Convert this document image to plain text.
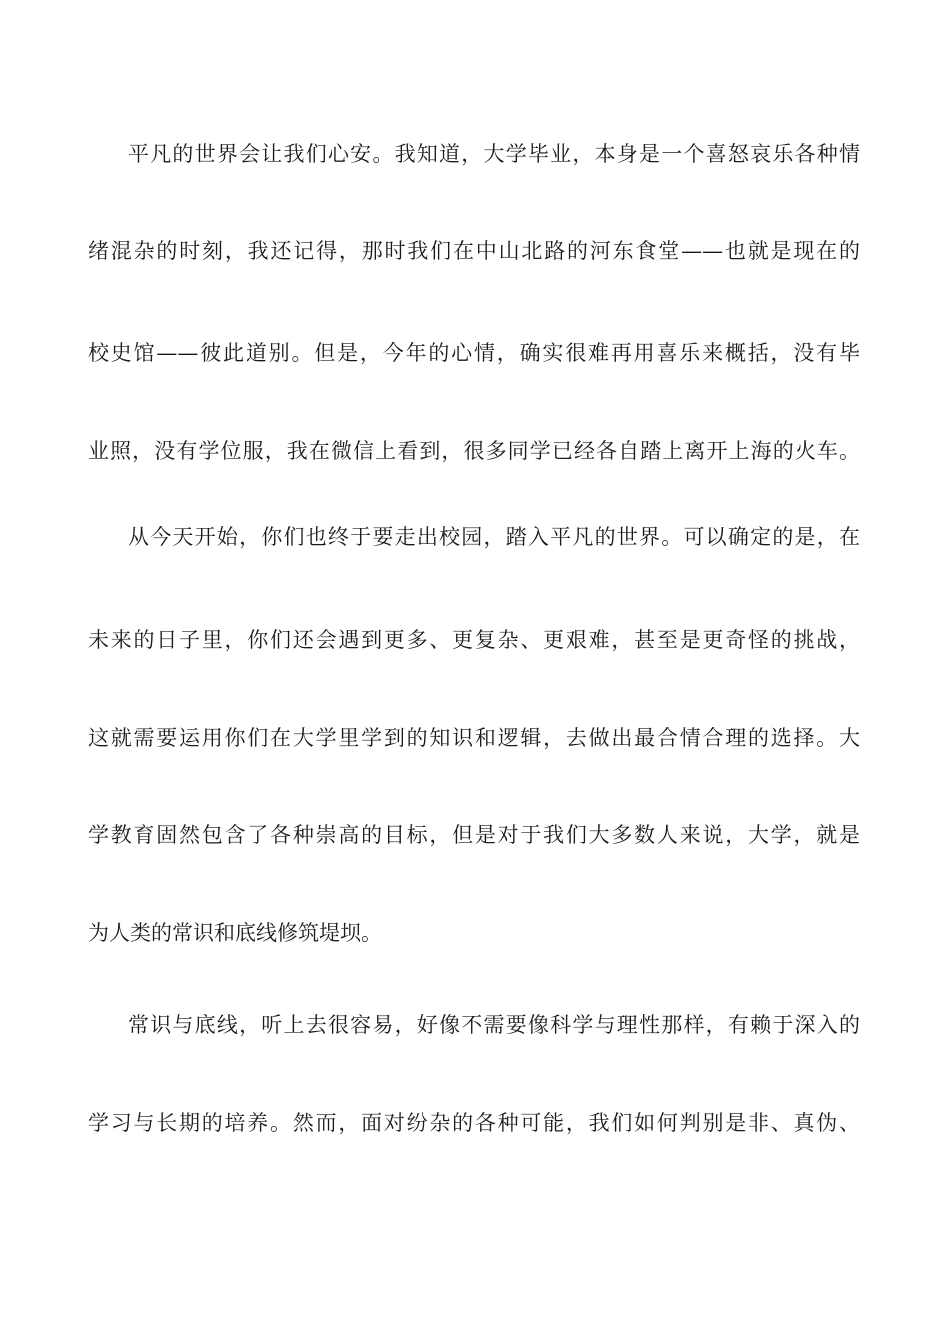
平凡的世界会让我们心安。我知道，大学毕业，本身是一个喜怒哀乐各种情
绪混杂的时刻，我还记得，那时我们在中山北路的河东食堂——也就是现在的
校史馆——彼此道别。但是，今年的心情，确实很难再用喜乐来概括，没有毕
业照，没有学位服，我在微信上看到，很多同学已经各自踏上离开上海的火车。
从今天开始，你们也终于要走出校园，踏入平凡的世界。可以确定的是，在
未来的日子里，你们还会遇到更多、更复杂、更艰难，甚至是更奇怪的挑战，
这就需要运用你们在大学里学到的知识和逻辑，去做出最合情合理的选择。大
学教育固然包含了各种崇高的目标，但是对于我们大多数人来说，大学，就是
为人类的常识和底线修筑堤坝。
常识与底线，听上去很容易，好像不需要像科学与理性那样，有赖于深入的
学习与长期的培养。然而，面对纷杂的各种可能，我们如何判别是非、真伪、
